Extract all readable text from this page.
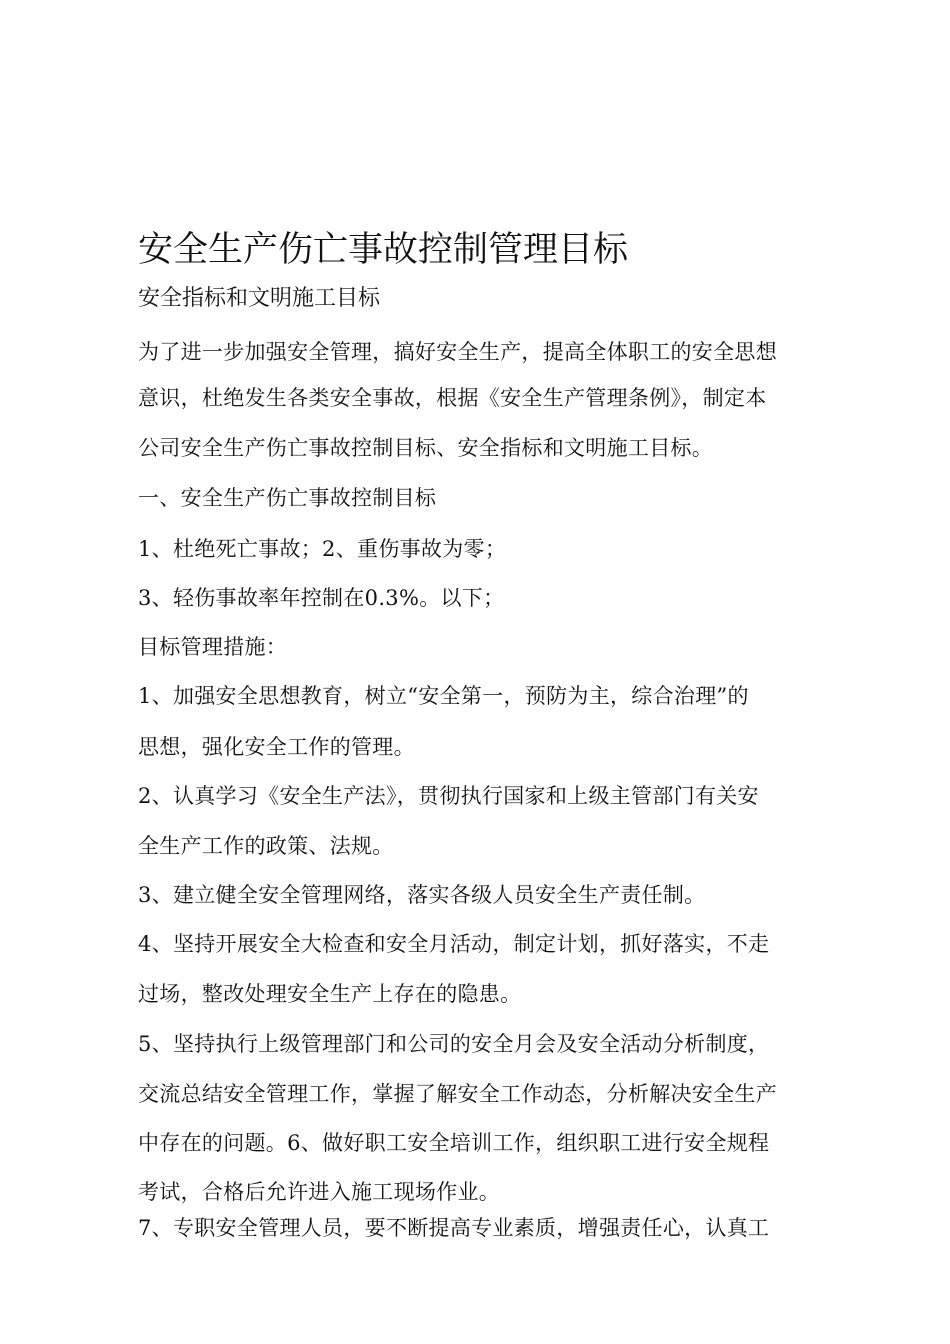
安全生产伤亡事故控制管理目标
安全指标和文明施工目标
为了进一步加强安全管理，搞好安全生产，提高全体职工的安全思想
意识，杜绝发生各类安全事故，根据《安全生产管理条例》，制定本
公司安全生产伤亡事故控制目标、安全指标和文明施工目标。
一、安全生产伤亡事故控制目标
1、杜绝死亡事故；2、重伤事故为零；
3、轻伤事故率年控制在0.3%。以下；
目标管理措施：
1、加强安全思想教育，树立“安全第一，预防为主，综合治理”的
思想，强化安全工作的管理。
2、认真学习《安全生产法》，贯彻执行国家和上级主管部门有关安
全生产工作的政策、法规。
3、建立健全安全管理网络，落实各级人员安全生产责任制。
4、坚持开展安全大检查和安全月活动，制定计划，抓好落实，不走
过场，整改处理安全生产上存在的隐患。
5、坚持执行上级管理部门和公司的安全月会及安全活动分析制度，
交流总结安全管理工作，掌握了解安全工作动态，分析解决安全生产
中存在的问题。6、做好职工安全培训工作，组织职工进行安全规程
考试，合格后允许进入施工现场作业。
7、专职安全管理人员，要不断提高专业素质，增强责任心，认真工
